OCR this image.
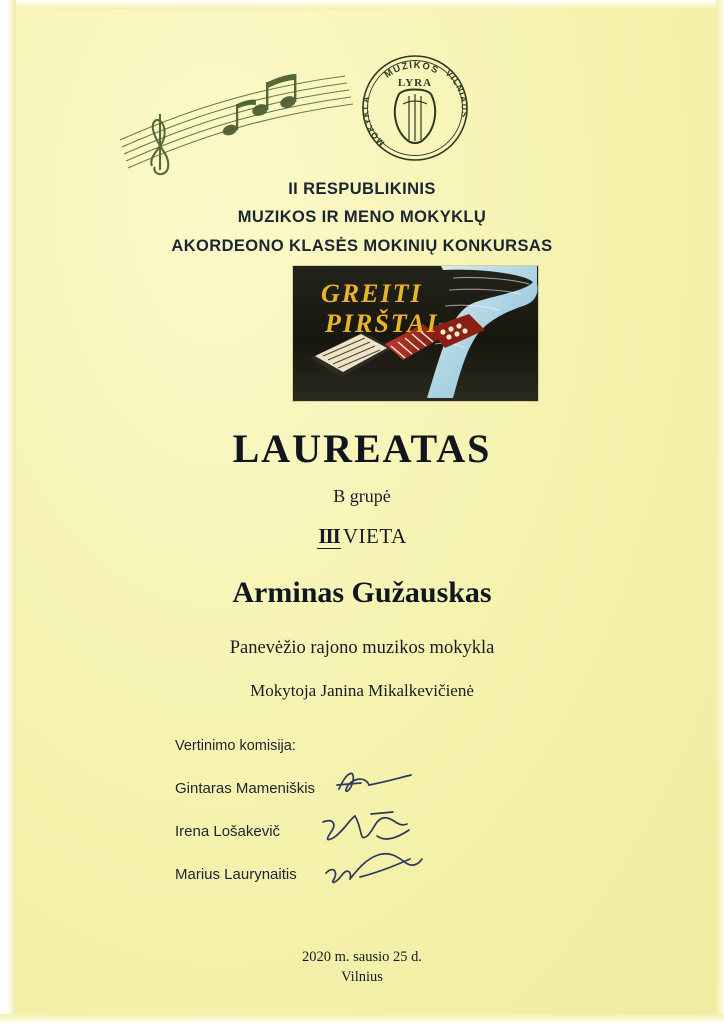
MUZIKOS VILNIAUS
MOKYKLA
LYRA
II RESPUBLIKINIS
MUZIKOS IR MENO MOKYKLŲ
AKORDEONO KLASĖS MOKINIŲ KONKURSAS
GREITI
PIRŠTAI
LAUREATAS
B grupė
III VIETA
Arminas Gužauskas
Panevėžio rajono muzikos mokykla
Mokytoja Janina Mikalkevičienė
Vertinimo komisija:
Gintaras Mameniškis
Irena Lošakevič
Marius Laurynaitis
2020 m. sausio 25 d.
Vilnius
